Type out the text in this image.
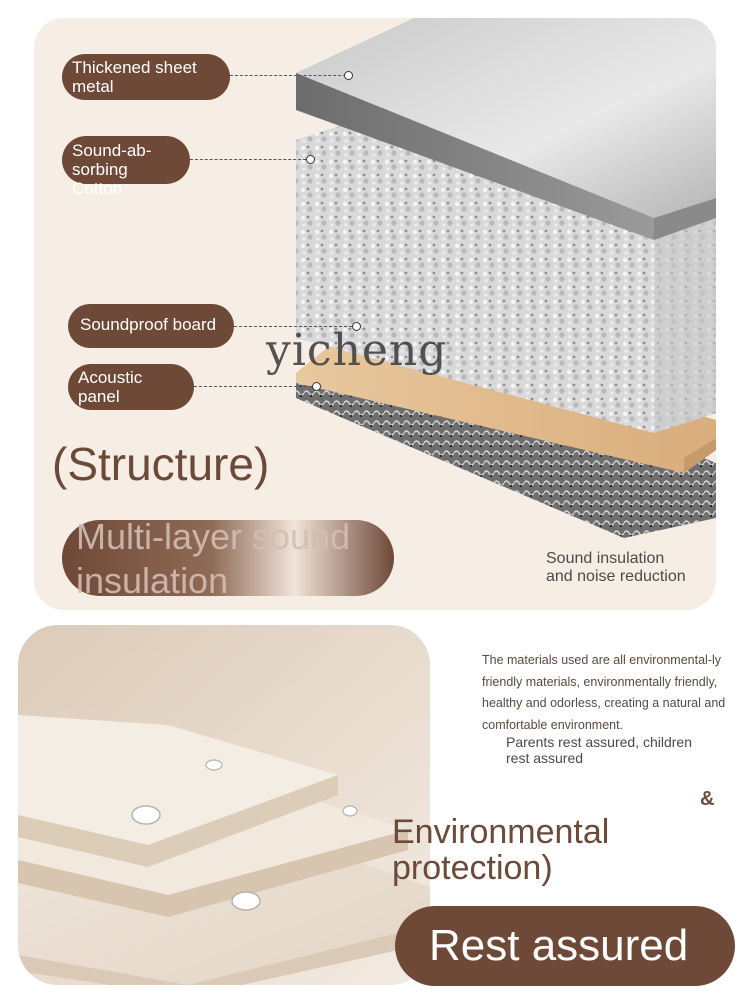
Thickened sheet metal
Sound-ab-
sorbing Cotton
Soundproof board
Acoustic
panel
yicheng
(Structure)
Multi-layer sound insulation
Sound insulation
and noise reduction
The materials used are all environmental-ly friendly materials, environmentally friendly, healthy and odorless, creating a natural and comfortable environment.
Parents rest assured, children
rest assured
&
Environmental
protection)
Rest assured
